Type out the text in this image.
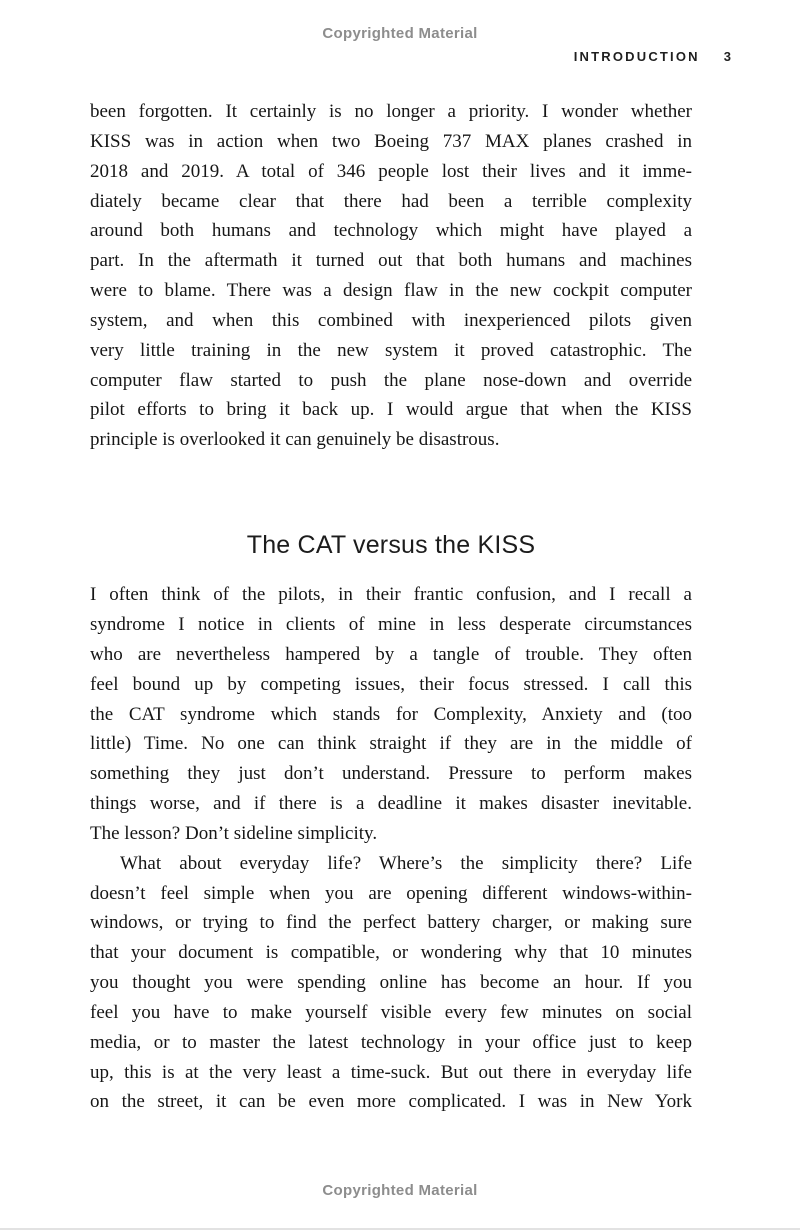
Copyrighted Material
INTRODUCTION 3
been forgotten. It certainly is no longer a priority. I wonder whether
KISS was in action when two Boeing 737 MAX planes crashed in
2018 and 2019. A total of 346 people lost their lives and it imme-
diately became clear that there had been a terrible complexity
around both humans and technology which might have played a
part. In the aftermath it turned out that both humans and machines
were to blame. There was a design flaw in the new cockpit computer
system, and when this combined with inexperienced pilots given
very little training in the new system it proved catastrophic. The
computer flaw started to push the plane nose-down and override
pilot efforts to bring it back up. I would argue that when the KISS
principle is overlooked it can genuinely be disastrous.
The CAT versus the KISS
I often think of the pilots, in their frantic confusion, and I recall a
syndrome I notice in clients of mine in less desperate circumstances
who are nevertheless hampered by a tangle of trouble. They often
feel bound up by competing issues, their focus stressed. I call this
the CAT syndrome which stands for Complexity, Anxiety and (too
little) Time. No one can think straight if they are in the middle of
something they just don’t understand. Pressure to perform makes
things worse, and if there is a deadline it makes disaster inevitable.
The lesson? Don’t sideline simplicity.
What about everyday life? Where’s the simplicity there? Life
doesn’t feel simple when you are opening different windows-within-
windows, or trying to find the perfect battery charger, or making sure
that your document is compatible, or wondering why that 10 minutes
you thought you were spending online has become an hour. If you
feel you have to make yourself visible every few minutes on social
media, or to master the latest technology in your office just to keep
up, this is at the very least a time-suck. But out there in everyday life
on the street, it can be even more complicated. I was in New York
Copyrighted Material
